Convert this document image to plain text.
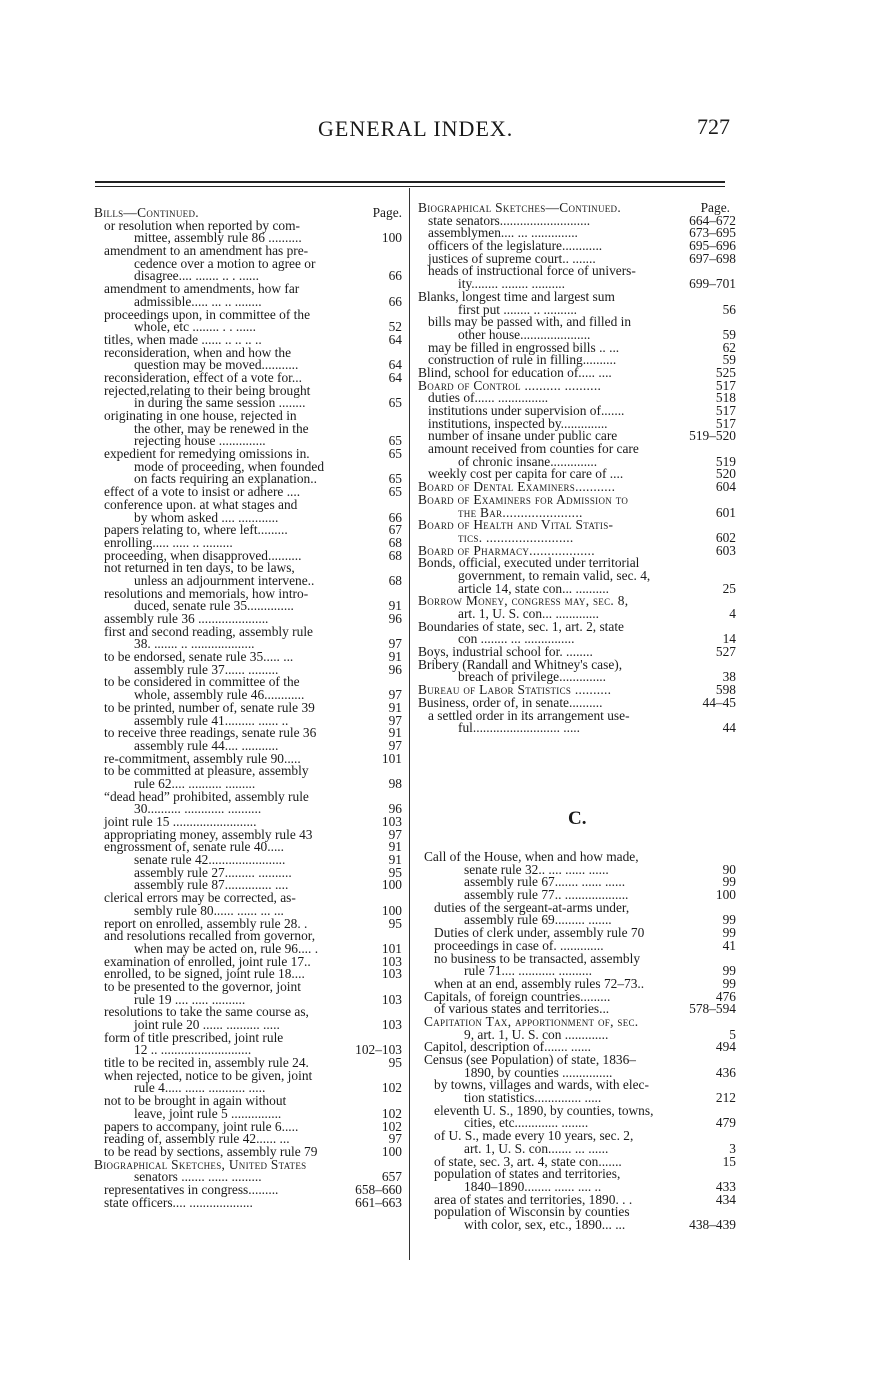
GENERAL INDEX.	727
Bills—Continued.	Page.
or resolution when reported by com-
mittee, assembly rule 86 ..........	100
amendment to an amendment has pre-
cedence over a motion to agree or
disagree.... ....... .. . ......	66
amendment to amendments, how far
admissible..... ... .. ........	66
proceedings upon, in committee of the
whole, etc ........ . . ......	52
titles, when made ...... .. .. .. ..	64
reconsideration, when and how the
question may be moved...........	64
reconsideration, effect of a vote for...	64
rejected,relating to their being brought
in during the same session ........	65
originating in one house, rejected in
the other, may be renewed in the
rejecting house ..............	65
expedient for remedying omissions in.	65
mode of proceeding, when founded
on facts requiring an explanation..	65
effect of a vote to insist or adhere ....	65
conference upon. at what stages and
by whom asked .... ............	66
papers relating to, where left.........	67
enrolling..... ..... .. .........	68
proceeding, when disapproved..........	68
not returned in ten days, to be laws,
unless an adjournment intervene..	68
resolutions and memorials, how intro-
duced, senate rule 35..............	91
assembly rule 36 .....................	96
first and second reading, assembly rule
38. ....... .. ...................	97
to be endorsed, senate rule 35..... ...	91
assembly rule 37...... .........	96
to be considered in committee of the
whole, assembly rule 46............	97
to be printed, number of, senate rule 39	91
assembly rule 41......... ...... ..	97
to receive three readings, senate rule 36	91
assembly rule 44.... ...........	97
re-commitment, assembly rule 90.....	101
to be committed at pleasure, assembly
rule 62.... .......... .........	98
“dead head” prohibited, assembly rule
30.......... ............ ..........	96
joint rule 15 .........................	103
appropriating money, assembly rule 43	97
engrossment of, senate rule 40.....	91
senate rule 42.......................	91
assembly rule 27......... ..........	95
assembly rule 87.............. ....	100
clerical errors may be corrected, as-
sembly rule 80...... ...... ... ...	100
report on enrolled, assembly rule 28. .	95
and resolutions recalled from governor,
when may be acted on, rule 96.... .	101
examination of enrolled, joint rule 17..	103
enrolled, to be signed, joint rule 18....	103
to be presented to the governor, joint
rule 19 .... ..... ..........	103
resolutions to take the same course as,
joint rule 20 ...... .......... .....	103
form of title prescribed, joint rule
12 .. ...........................	102–103
title to be recited in, assembly rule 24.	95
when rejected, notice to be given, joint
rule 4..... ...... ........... .....	102
not to be brought in again without
leave, joint rule 5 ...............	102
papers to accompany, joint rule 6.....	102
reading of, assembly rule 42...... ...	97
to be read by sections, assembly rule 79	100
Biographical Sketches, United States
senators ....... ...... .........	657
representatives in congress.........	658–660
state officers.... ...................	661–663
Biographical Sketches—Continued.	Page.
state senators...........................	664–672
assemblymen.... ... ..............	673–695
officers of the legislature............	695–696
justices of supreme court.. .......	697–698
heads of instructional force of univers-
ity........ ........ ..........	699–701
Blanks, longest time and largest sum
first put ........ .. ..........	56
bills may be passed with, and filled in
other house.....................	59
may be filled in engrossed bills .. ...	62
construction of rule in filling..........	59
Blind, school for education of..... ....	525
Board of Control .......... ..........	517
duties of...... ...............	518
institutions under supervision of.......	517
institutions, inspected by..............	517
number of insane under public care	519–520
amount received from counties for care
of chronic insane..............	519
weekly cost per capita for care of ....	520
Board of Dental Examiners...........	604
Board of Examiners for Admission to
the Bar......................	601
Board of Health and Vital Statis-
tics. ........................	602
Board of Pharmacy..................	603
Bonds, official, executed under territorial
government, to remain valid, sec. 4,
article 14, state con... ..........	25
Borrow Money, congress may, sec. 8,
art. 1, U. S. con... .............	4
Boundaries of state, sec. 1, art. 2, state
con ........ ... ...............	14
Boys, industrial school for. ........	527
Bribery (Randall and Whitney's case),
breach of privilege..............	38
Bureau of Labor Statistics ..........	598
Business, order of, in senate..........	44–45
a settled order in its arrangement use-
ful.......................... .....	44
C.
Call of the House, when and how made,
senate rule 32.. .... ...... ......	90
assembly rule 67....... ...... ......	99
assembly rule 77.. ...................	100
duties of the sergeant-at-arms under,
assembly rule 69......... .......	99
Duties of clerk under, assembly rule 70	99
proceedings in case of. .............	41
no business to be transacted, assembly
rule 71.... ........... ..........	99
when at an end, assembly rules 72–73..	99
Capitals, of foreign countries.........	476
of various states and territories...	578–594
Capitation Tax, apportionment of, sec.
9, art. 1, U. S. con .............	5
Capitol, description of....... ......	494
Census (see Population) of state, 1836–
1890, by counties ...............	436
by towns, villages and wards, with elec-
tion statistics.............. .....	212
eleventh U. S., 1890, by counties, towns,
cities, etc............. ........	479
of U. S., made every 10 years, sec. 2,
art. 1, U. S. con....... ... ......	3
of state, sec. 3, art. 4, state con.......	15
population of states and territories,
1840–1890........ ...... .... ..	433
area of states and territories, 1890. . .	434
population of Wisconsin by counties
with color, sex, etc., 1890... ...	438–439
